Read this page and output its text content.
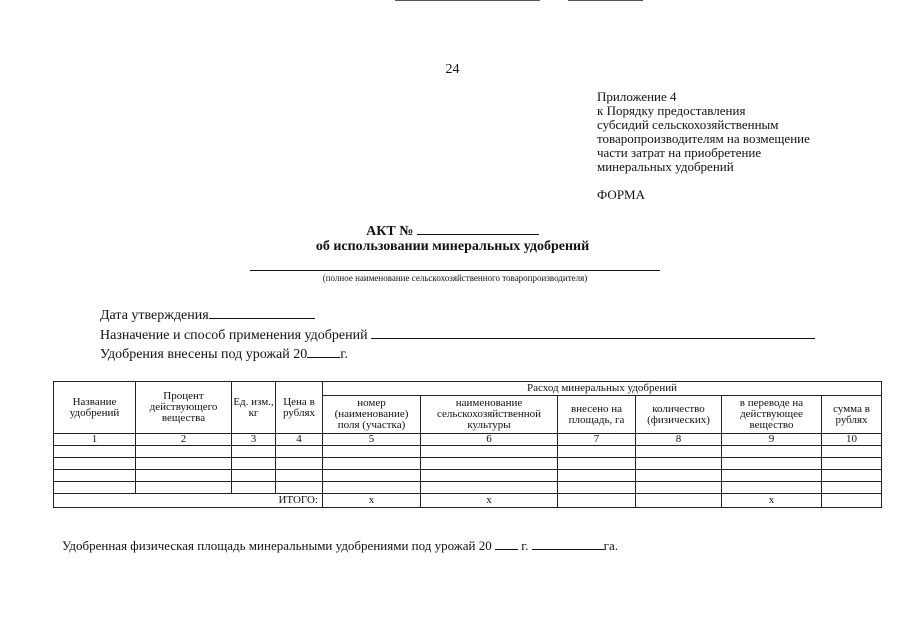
24
Приложение 4
к Порядку предоставления
субсидий сельскохозяйственным
товаропроизводителям на возмещение
части затрат на приобретение
минеральных удобрений
ФОРМА
АКТ №
об использовании минеральных удобрений
(полное наименование сельскохозяйственного товаропроизводителя)
Дата утверждения
Назначение и способ применения удобрений
Удобрения внесены под урожай 20 г.
Название удобрений	Процент действующего вещества	Ед. изм., кг	Цена в рублях	Расход минеральных удобрений					
				номер (наименование) поля (участка)	наименование сельскохозяйственной культуры	внесено на площадь, га	количество (физических)	в переводе на действующее вещество	сумма в рублях
1	2	3	4	5	6	7	8	9	10

ИТОГО:				х	х			х	
Удобренная физическая площадь минеральными удобрениями под урожай 20 г.	га.
